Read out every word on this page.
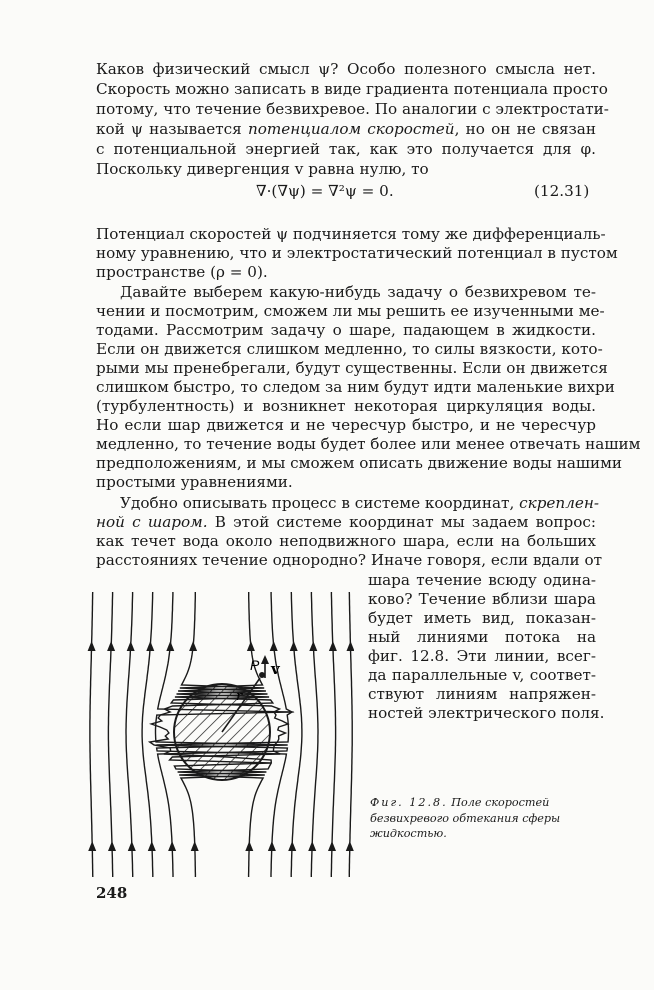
Каков физический смысл ψ? Особо полезного смысла нет.
Скорость можно записать в виде градиента потенциала просто
потому, что течение безвихревое. По аналогии с электростати-
кой ψ называется потенциалом скоростей, но он не связан
с потенциальной энергией так, как это получается для φ.
Поскольку дивергенция v равна нулю, то
∇·(∇ψ) = ∇²ψ = 0.	(12.31)
Потенциал скоростей ψ подчиняется тому же дифференциаль-
ному уравнению, что и электростатический потенциал в пустом
пространстве (ρ = 0).
Давайте выберем какую-нибудь задачу о безвихревом те-
чении и посмотрим, сможем ли мы решить ее изученными ме-
тодами. Рассмотрим задачу о шаре, падающем в жидкости.
Если он движется слишком медленно, то силы вязкости, кото-
рыми мы пренебрегали, будут существенны. Если он движется
слишком быстро, то следом за ним будут идти маленькие вихри
(турбулентность) и возникнет некоторая циркуляция воды.
Но если шар движется и не чересчур быстро, и не чересчур
медленно, то течение воды будет более или менее отвечать нашим
предположениям, и мы сможем описать движение воды нашими
простыми уравнениями.
Удобно описывать процесс в системе координат, скреплен-
ной с шаром. В этой системе координат мы задаем вопрос:
как течет вода около неподвижного шара, если на больших
расстояниях течение однородно? Иначе говоря, если вдали от
шара течение всюду одина-
ково? Течение вблизи шара
будет иметь вид, показан-
ный линиями потока на
фиг. 12.8. Эти линии, всег-
да параллельные v, соответ-
ствуют линиям напряжен-
ностей электрического поля.
P v
r
Фиг. 12.8. Поле скоростей безвихревого обтекания сферы жидкостью.
248
